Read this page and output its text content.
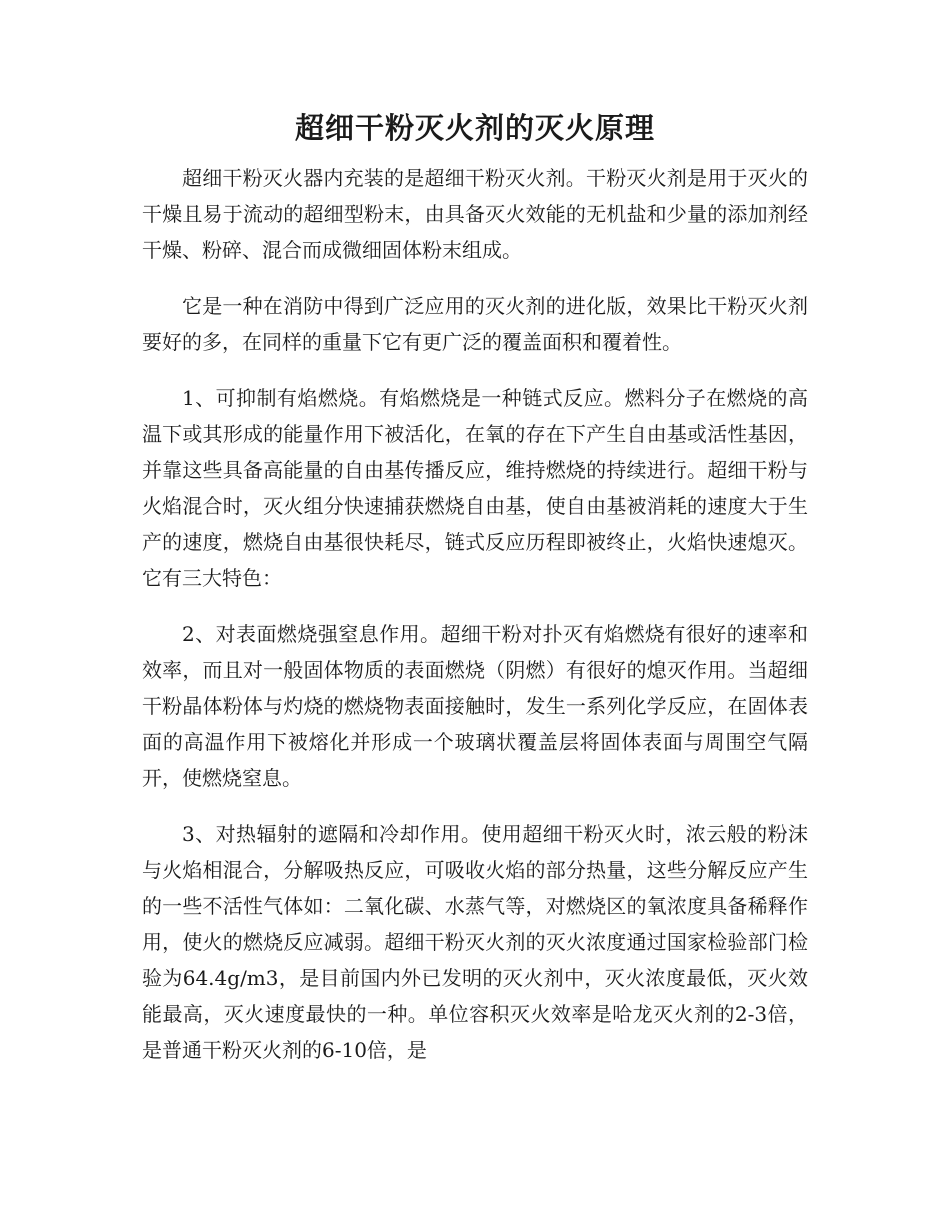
超细干粉灭火剂的灭火原理

超细干粉灭火器内充装的是超细干粉灭火剂。干粉灭火剂是用于灭火的干燥且易于流动的超细型粉末，由具备灭火效能的无机盐和少量的添加剂经干燥、粉碎、混合而成微细固体粉末组成。

它是一种在消防中得到广泛应用的灭火剂的进化版，效果比干粉灭火剂要好的多，在同样的重量下它有更广泛的覆盖面积和覆着性。

1、可抑制有焰燃烧。有焰燃烧是一种链式反应。燃料分子在燃烧的高温下或其形成的能量作用下被活化，在氧的存在下产生自由基或活性基因，并靠这些具备高能量的自由基传播反应，维持燃烧的持续进行。超细干粉与火焰混合时，灭火组分快速捕获燃烧自由基，使自由基被消耗的速度大于生产的速度，燃烧自由基很快耗尽，链式反应历程即被终止，火焰快速熄灭。它有三大特色：

2、对表面燃烧强窒息作用。超细干粉对扑灭有焰燃烧有很好的速率和效率，而且对一般固体物质的表面燃烧（阴燃）有很好的熄灭作用。当超细干粉晶体粉体与灼烧的燃烧物表面接触时，发生一系列化学反应，在固体表面的高温作用下被熔化并形成一个玻璃状覆盖层将固体表面与周围空气隔开，使燃烧窒息。

3、对热辐射的遮隔和冷却作用。使用超细干粉灭火时，浓云般的粉沫与火焰相混合，分解吸热反应，可吸收火焰的部分热量，这些分解反应产生的一些不活性气体如：二氧化碳、水蒸气等，对燃烧区的氧浓度具备稀释作用，使火的燃烧反应减弱。超细干粉灭火剂的灭火浓度通过国家检验部门检验为64.4g/m3，是目前国内外已发明的灭火剂中，灭火浓度最低，灭火效能最高，灭火速度最快的一种。单位容积灭火效率是哈龙灭火剂的2-3倍，是普通干粉灭火剂的6-10倍，是
